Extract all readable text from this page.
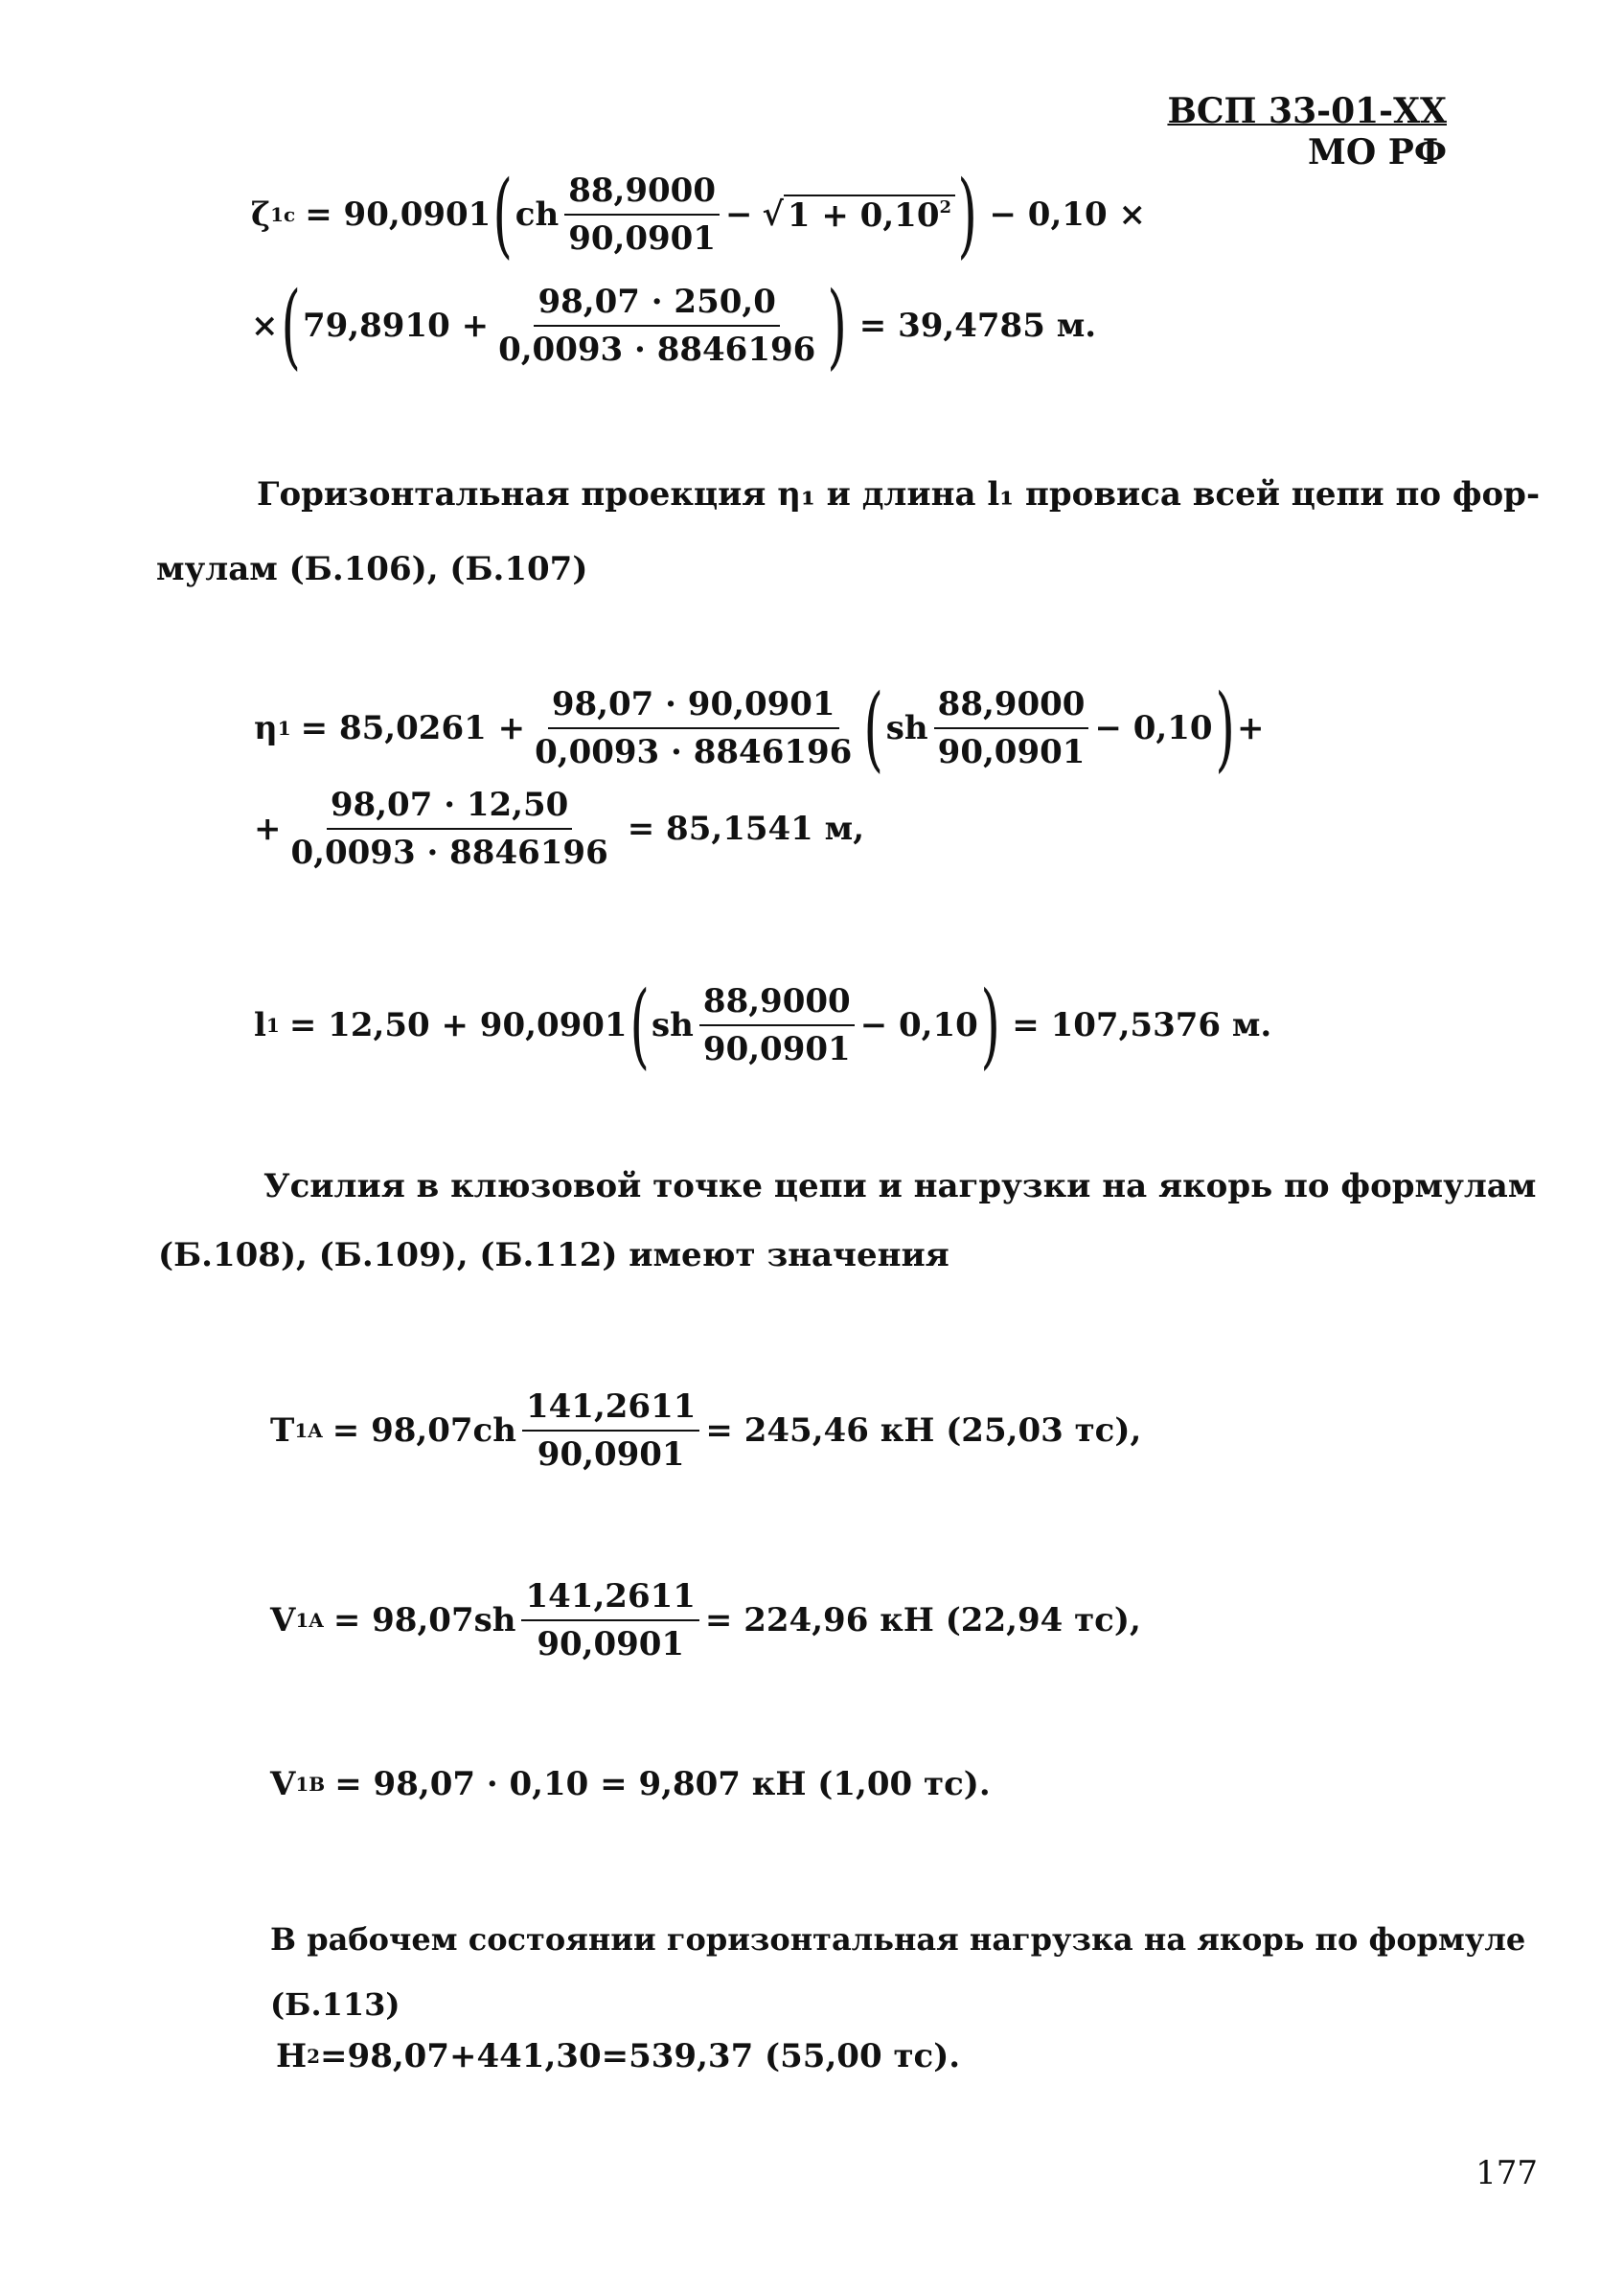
ВСП 33-01-ХХ
МО РФ
ζ 1c = 90,0901 ( ch $\frac{88,9000}{90,0901}$ − √ $1 + 0,10^2$ ) − 0,10 ×
× ( $79,8910 + \frac{98,07 \cdot 250,0}{0,0093 \cdot 8846196}$ ) = 39,4785 м.
Горизонтальная проекция η₁ и длина l₁ провиса всей цепи по фор-
мулам (Б.106), (Б.107)
η $1 = 85,0261 + \frac{98,07 \cdot 90,0901}{0,0093 \cdot 8846196}$ ( sh $\frac{88,9000}{90,0901} - 0,10$ ) +
+ $\frac{98,07 \cdot 12,50}{0,0093 \cdot 8846196} = 85,1541$ м,
l 1 = 12,50 + 90,0901 ( sh $\frac{88,9000}{90,0901} - 0,10$ ) = 107,5376 м.
Усилия в клюзовой точке цепи и нагрузки на якорь по формулам
(Б.108), (Б.109), (Б.112) имеют значения
T $1A = 98,07ch \frac{141,2611}{90,0901} = 245,46$ кН (25,03 тс),
V $1A = 98,07sh \frac{141,2611}{90,0901} = 224,96$ кН (22,94 тс),
V 1B = 98,07 · 0,10 = 9,807 кН (1,00 тс).
В рабочем состоянии горизонтальная нагрузка на якорь по формуле (Б.113)
H 2 =98,07+441,30=539,37 (55,00 тс).
177
